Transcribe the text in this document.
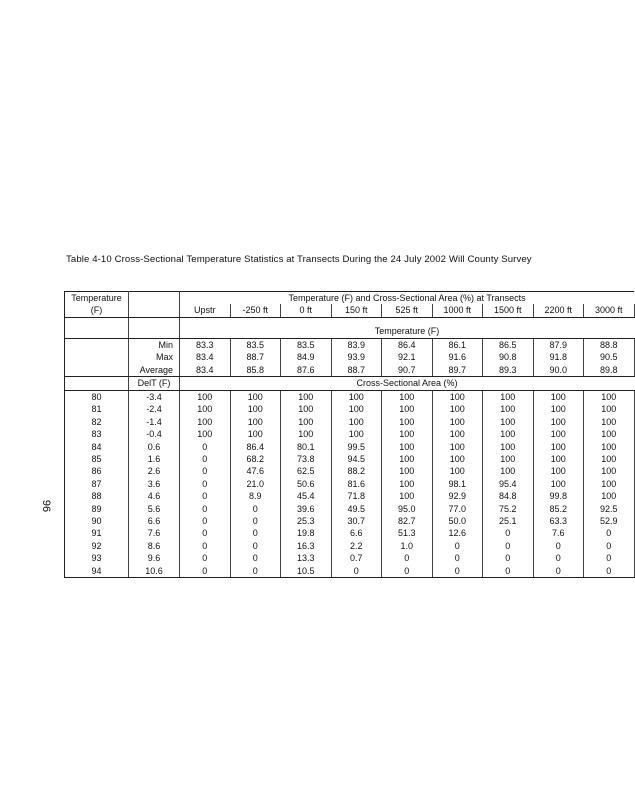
Table 4-10 Cross-Sectional Temperature Statistics at Transects During the 24 July 2002 Will County Survey
96
Temperature		Temperature (F) and Cross-Sectional Area (%) at Transects								
(F)		Upstr	-250 ft	0 ft	150 ft	525 ft	1000 ft	1500 ft	2200 ft	3000 ft

		Temperature (F)								
	Min	83.3	83.5	83.5	83.9	86.4	86.1	86.5	87.9	88.8
	Max	83.4	88.7	84.9	93.9	92.1	91.6	90.8	91.8	90.5
	Average	83.4	85.8	87.6	88.7	90.7	89.7	89.3	90.0	89.8
	DelT (F)	Cross-Sectional Area (%)								
80	-3.4	100	100	100	100	100	100	100	100	100
81	-2.4	100	100	100	100	100	100	100	100	100
82	-1.4	100	100	100	100	100	100	100	100	100
83	-0.4	100	100	100	100	100	100	100	100	100
84	0.6	0	86.4	80.1	99.5	100	100	100	100	100
85	1.6	0	68.2	73.8	94.5	100	100	100	100	100
86	2.6	0	47.6	62.5	88.2	100	100	100	100	100
87	3.6	0	21.0	50.6	81.6	100	98.1	95.4	100	100
88	4.6	0	8.9	45.4	71.8	100	92.9	84.8	99.8	100
89	5.6	0	0	39.6	49.5	95.0	77.0	75.2	85.2	92.5
90	6.6	0	0	25.3	30.7	82.7	50.0	25.1	63.3	52.9
91	7.6	0	0	19.8	6.6	51.3	12.6	0	7.6	0
92	8.6	0	0	16.3	2.2	1.0	0	0	0	0
93	9.6	0	0	13.3	0.7	0	0	0	0	0
94	10.6	0	0	10.5	0	0	0	0	0	0
